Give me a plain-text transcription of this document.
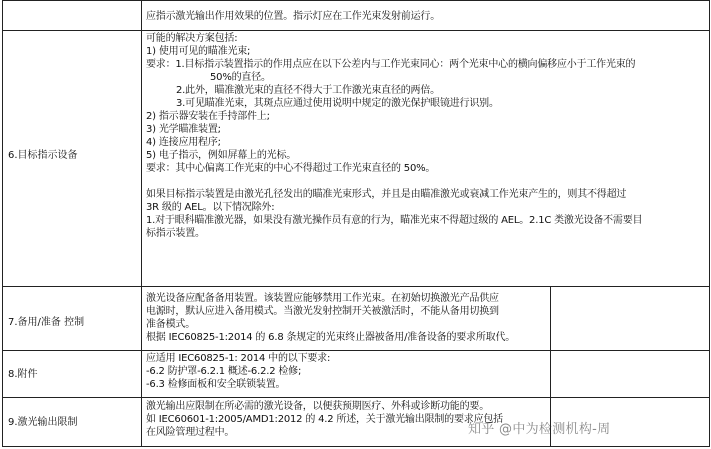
应指示激光输出作用效果的位置。指示灯应在工作光束发射前运行。
6.目标指示设备
可能的解决方案包括:
1) 使用可见的瞄准光束;
要求：1.目标指示装置指示的作用点应在以下公差内与工作光束同心：两个光束中心的横向偏移应小于工作光束的
50%的直径。
2.此外，瞄准激光束的直径不得大于工作激光束直径的两倍。
3.可见瞄准光束，其斑点应通过使用说明中规定的激光保护眼镜进行识别。
2) 指示器安装在手持部件上;
3) 光学瞄准装置;
4) 连接应用程序;
5) 电子指示，例如屏幕上的光标。
要求：其中心偏离工作光束的中心不得超过工作光束直径的 50%。
如果目标指示装置是由激光孔径发出的瞄准光束形式，并且是由瞄准激光或衰减工作光束产生的，则其不得超过
3R 级的 AEL。以下情况除外:
1.对于眼科瞄准激光器，如果没有激光操作员有意的行为，瞄准光束不得超过级的 AEL。2.1C 类激光设备不需要目
标指示装置。
7.备用/准备 控制
激光设备应配备备用装置。该装置应能够禁用工作光束。在初始切换激光产品供应
电源时，默认应进入备用模式。当激光发射控制开关被激活时，不能从备用切换到
准备模式。
根据 IEC60825-1:2014 的 6.8 条规定的光束终止器被备用/准备设备的要求所取代。
8.附件
应适用 IEC60825-1: 2014 中的以下要求:
-6.2 防护罩-6.2.1 概述-6.2.2 检修;
-6.3 检修面板和安全联锁装置。
9.激光输出限制
激光输出应限制在所必需的激光设备，以便获预期医疗、外科或诊断功能的要。
如 IEC60601-1:2005/AMD1:2012 的 4.2 所述，关于激光输出限制的要求应包括
在风险管理过程中。	知乎 @中为检测机构-周
